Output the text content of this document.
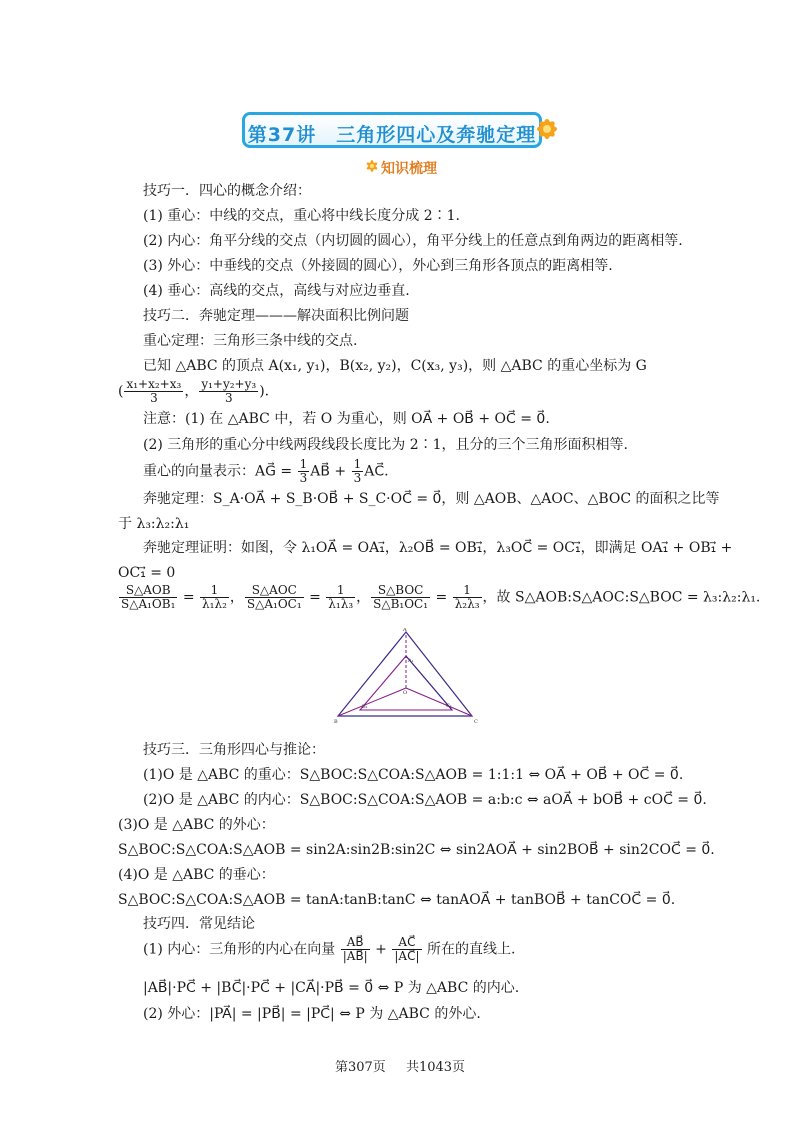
第37讲　三角形四心及奔驰定理
知识梳理
技巧一．四心的概念介绍：
(1) 重心：中线的交点，重心将中线长度分成 2∶1.
(2) 内心：角平分线的交点（内切圆的圆心），角平分线上的任意点到角两边的距离相等.
(3) 外心：中垂线的交点（外接圆的圆心），外心到三角形各顶点的距离相等.
(4) 垂心：高线的交点，高线与对应边垂直.
技巧二．奔驰定理———解决面积比例问题
重心定理：三角形三条中线的交点.
已知 △ABC 的顶点 A(x₁, y₁)，B(x₂, y₂)，C(x₃, y₃)，则 △ABC 的重心坐标为 G
( $\frac{\text{x₁+x₂+x₃}}{3}$ ， $\frac{\text{y₁+y₂+y₃}}{3}$ ).
注意：(1) 在 △ABC 中，若 O 为重心，则 OA⃗ + OB⃗ + OC⃗ = 0⃗.
(2) 三角形的重心分中线两段线段长度比为 2∶1，且分的三个三角形面积相等.
重心的向量表示：AG⃗ = $\frac{1}{3}$ AB⃗ + $\frac{1}{3}$ AC⃗.
奔驰定理：S_A·OA⃗ + S_B·OB⃗ + S_C·OC⃗ = 0⃗，则 △AOB、△AOC、△BOC 的面积之比等
于 λ₃:λ₂:λ₁
奔驰定理证明：如图，令 λ₁OA⃗ = OA₁⃗，λ₂OB⃗ = OB₁⃗，λ₃OC⃗ = OC₁⃗，即满足 OA₁⃗ + OB₁⃗ +
OC₁⃗ = 0
$\frac{\text{S△AOB}}{\text{S△A₁OB₁}} = \frac{1}{\text{λ₁λ₂}}$ ， $\frac{\text{S△AOC}}{\text{S△A₁OC₁}} = \frac{1}{\text{λ₁λ₃}}$ ， $\frac{\text{S△BOC}}{\text{S△B₁OC₁}} = \frac{1}{\text{λ₂λ₃}}$ ，故 S△AOB:S△AOC:S△BOC = λ₃:λ₂:λ₁.
A
B	C
O
A₁
B₁	C₁
技巧三．三角形四心与推论：
(1)O 是 △ABC 的重心：S△BOC:S△COA:S△AOB = 1:1:1 ⇔ OA⃗ + OB⃗ + OC⃗ = 0⃗.
(2)O 是 △ABC 的内心：S△BOC:S△COA:S△AOB = a:b:c ⇔ aOA⃗ + bOB⃗ + cOC⃗ = 0⃗.
(3)O 是 △ABC 的外心：
S△BOC:S△COA:S△AOB = sin2A:sin2B:sin2C ⇔ sin2AOA⃗ + sin2BOB⃗ + sin2COC⃗ = 0⃗.
(4)O 是 △ABC 的垂心：
S△BOC:S△COA:S△AOB = tanA:tanB:tanC ⇔ tanAOA⃗ + tanBOB⃗ + tanCOC⃗ = 0⃗.
技巧四．常见结论
(1) 内心：三角形的内心在向量 $\frac{AB⃗}{|AB⃗|} + \frac{AC⃗}{|AC⃗|}$ 所在的直线上.
|AB⃗|·PC⃗ + |BC⃗|·PC⃗ + |CA⃗|·PB⃗ = 0⃗ ⇔ P 为 △ABC 的内心.
(2) 外心：|PA⃗| = |PB⃗| = |PC⃗| ⇔ P 为 △ABC 的外心.
第307页 共1043页
